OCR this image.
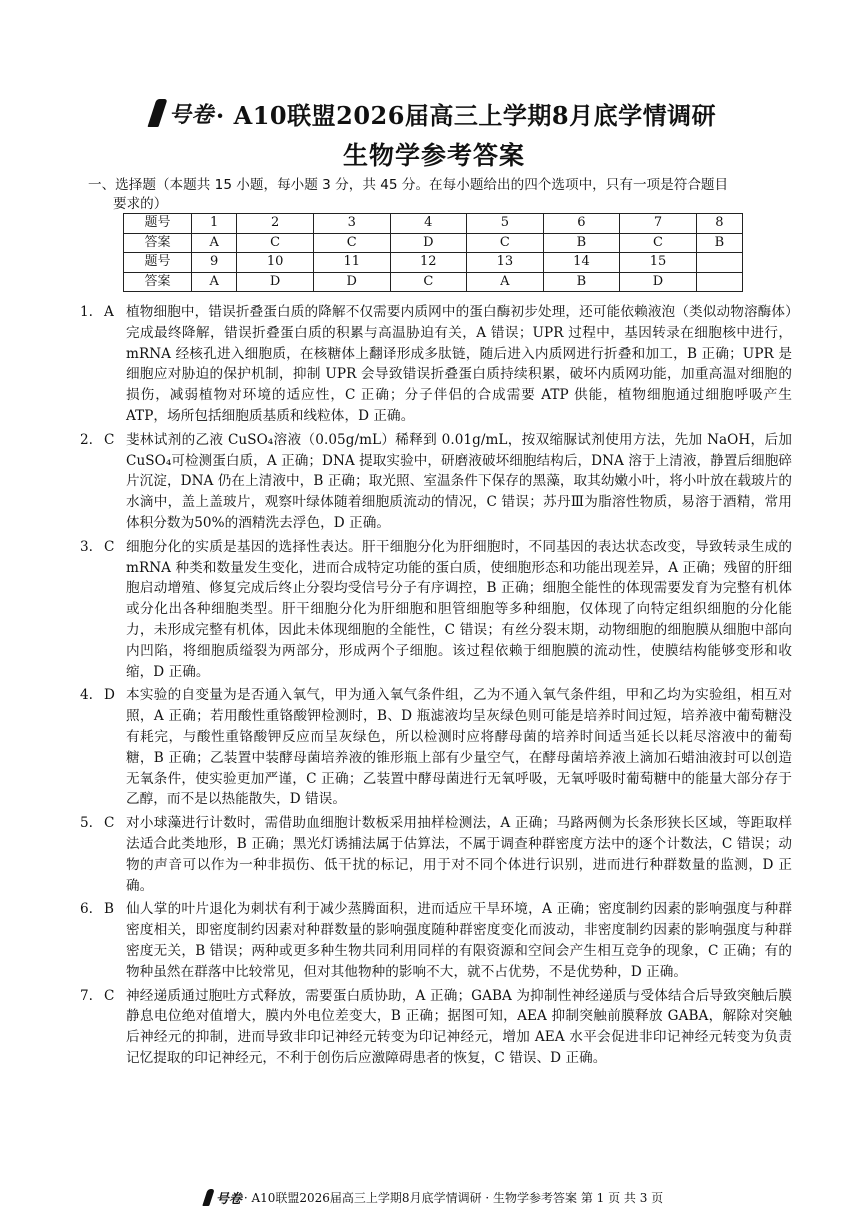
号卷 · A10联盟2026届高三上学期8月底学情调研
生物学参考答案
一、选择题（本题共 15 小题，每小题 3 分，共 45 分。在每小题给出的四个选项中，只有一项是符合题目
要求的）
题号	1	2	3	4	5	6	7	8
答案	A	C	C	D	C	B	C	B
题号	9	10	11	12	13	14	15	
答案	A	D	D	C	A	B	D	
1. A 植物细胞中，错误折叠蛋白质的降解不仅需要内质网中的蛋白酶初步处理，还可能依赖液泡（类似动物溶酶体）完成最终降解，错误折叠蛋白质的积累与高温胁迫有关，A 错误；UPR 过程中，基因转录在细胞核中进行，mRNA 经核孔进入细胞质，在核糖体上翻译形成多肽链，随后进入内质网进行折叠和加工，B 正确；UPR 是细胞应对胁迫的保护机制，抑制 UPR 会导致错误折叠蛋白质持续积累，破坏内质网功能，加重高温对细胞的损伤，减弱植物对环境的适应性，C 正确；分子伴侣的合成需要 ATP 供能，植物细胞通过细胞呼吸产生 ATP，场所包括细胞质基质和线粒体，D 正确。
2. C 斐林试剂的乙液 CuSO₄溶液（0.05g/mL）稀释到 0.01g/mL，按双缩脲试剂使用方法，先加 NaOH，后加 CuSO₄可检测蛋白质，A 正确；DNA 提取实验中，研磨液破坏细胞结构后，DNA 溶于上清液，静置后细胞碎片沉淀，DNA 仍在上清液中，B 正确；取光照、室温条件下保存的黑藻，取其幼嫩小叶，将小叶放在载玻片的水滴中，盖上盖玻片，观察叶绿体随着细胞质流动的情况，C 错误；苏丹Ⅲ为脂溶性物质，易溶于酒精，常用体积分数为50%的酒精洗去浮色，D 正确。
3. C 细胞分化的实质是基因的选择性表达。肝干细胞分化为肝细胞时，不同基因的表达状态改变，导致转录生成的 mRNA 种类和数量发生变化，进而合成特定功能的蛋白质，使细胞形态和功能出现差异，A 正确；残留的肝细胞启动增殖、修复完成后终止分裂均受信号分子有序调控，B 正确；细胞全能性的体现需要发育为完整有机体或分化出各种细胞类型。肝干细胞分化为肝细胞和胆管细胞等多种细胞，仅体现了向特定组织细胞的分化能力，未形成完整有机体，因此未体现细胞的全能性，C 错误；有丝分裂末期，动物细胞的细胞膜从细胞中部向内凹陷，将细胞质缢裂为两部分，形成两个子细胞。该过程依赖于细胞膜的流动性，使膜结构能够变形和收缩，D 正确。
4. D 本实验的自变量为是否通入氧气，甲为通入氧气条件组，乙为不通入氧气条件组，甲和乙均为实验组，相互对照，A 正确；若用酸性重铬酸钾检测时，B、D 瓶滤液均呈灰绿色则可能是培养时间过短，培养液中葡萄糖没有耗完，与酸性重铬酸钾反应而呈灰绿色，所以检测时应将酵母菌的培养时间适当延长以耗尽溶液中的葡萄糖，B 正确；乙装置中装酵母菌培养液的锥形瓶上部有少量空气，在酵母菌培养液上滴加石蜡油液封可以创造无氧条件，使实验更加严谨，C 正确；乙装置中酵母菌进行无氧呼吸，无氧呼吸时葡萄糖中的能量大部分存于乙醇，而不是以热能散失，D 错误。
5. C 对小球藻进行计数时，需借助血细胞计数板采用抽样检测法，A 正确；马路两侧为长条形狭长区域，等距取样法适合此类地形，B 正确；黑光灯诱捕法属于估算法，不属于调查种群密度方法中的逐个计数法，C 错误；动物的声音可以作为一种非损伤、低干扰的标记，用于对不同个体进行识别，进而进行种群数量的监测，D 正确。
6. B 仙人掌的叶片退化为刺状有利于减少蒸腾面积，进而适应干旱环境，A 正确；密度制约因素的影响强度与种群密度相关，即密度制约因素对种群数量的影响强度随种群密度变化而波动，非密度制约因素的影响强度与种群密度无关，B 错误；两种或更多种生物共同利用同样的有限资源和空间会产生相互竞争的现象，C 正确；有的物种虽然在群落中比较常见，但对其他物种的影响不大，就不占优势，不是优势种，D 正确。
7. C 神经递质通过胞吐方式释放，需要蛋白质协助，A 正确；GABA 为抑制性神经递质与受体结合后导致突触后膜静息电位绝对值增大，膜内外电位差变大，B 正确；据图可知，AEA 抑制突触前膜释放 GABA，解除对突触后神经元的抑制，进而导致非印记神经元转变为印记神经元，增加 AEA 水平会促进非印记神经元转变为负责记忆提取的印记神经元，不利于创伤后应激障碍患者的恢复，C 错误、D 正确。
号卷 · A10联盟2026届高三上学期8月底学情调研 · 生物学参考答案 第 1 页 共 3 页
